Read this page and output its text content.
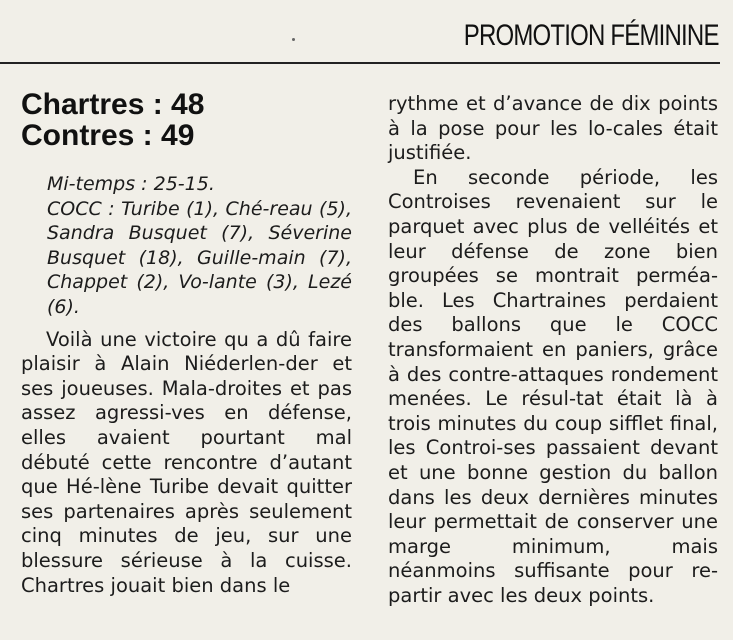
PROMOTION FÉMININE
Chartres : 48
Contres : 49
Mi-temps : 25-15.
COCC : Turibe (1), Ché-reau (5), Sandra Busquet (7), Séverine Busquet (18), Guille-main (7), Chappet (2), Vo-lante (3), Lezé (6).

Voilà une victoire qu a dû faire plaisir à Alain Niéderlen-der et ses joueuses. Mala-droites et pas assez agressi-ves en défense, elles avaient pourtant mal débuté cette rencontre d’autant que Hé-lène Turibe devait quitter ses partenaires après seulement cinq minutes de jeu, sur une blessure sérieuse à la cuisse. Chartres jouait bien dans le

rythme et d’avance de dix points à la pose pour les lo-cales était justifiée.

En seconde période, les Controises revenaient sur le parquet avec plus de velléités et leur défense de zone bien groupées se montrait perméa-ble. Les Chartraines perdaient des ballons que le COCC transformaient en paniers, grâce à des contre-attaques rondement menées. Le résul-tat était là à trois minutes du coup sifflet final, les Controi-ses passaient devant et une bonne gestion du ballon dans les deux dernières minutes leur permettait de conserver une marge minimum, mais néanmoins suffisante pour re-partir avec les deux points.
